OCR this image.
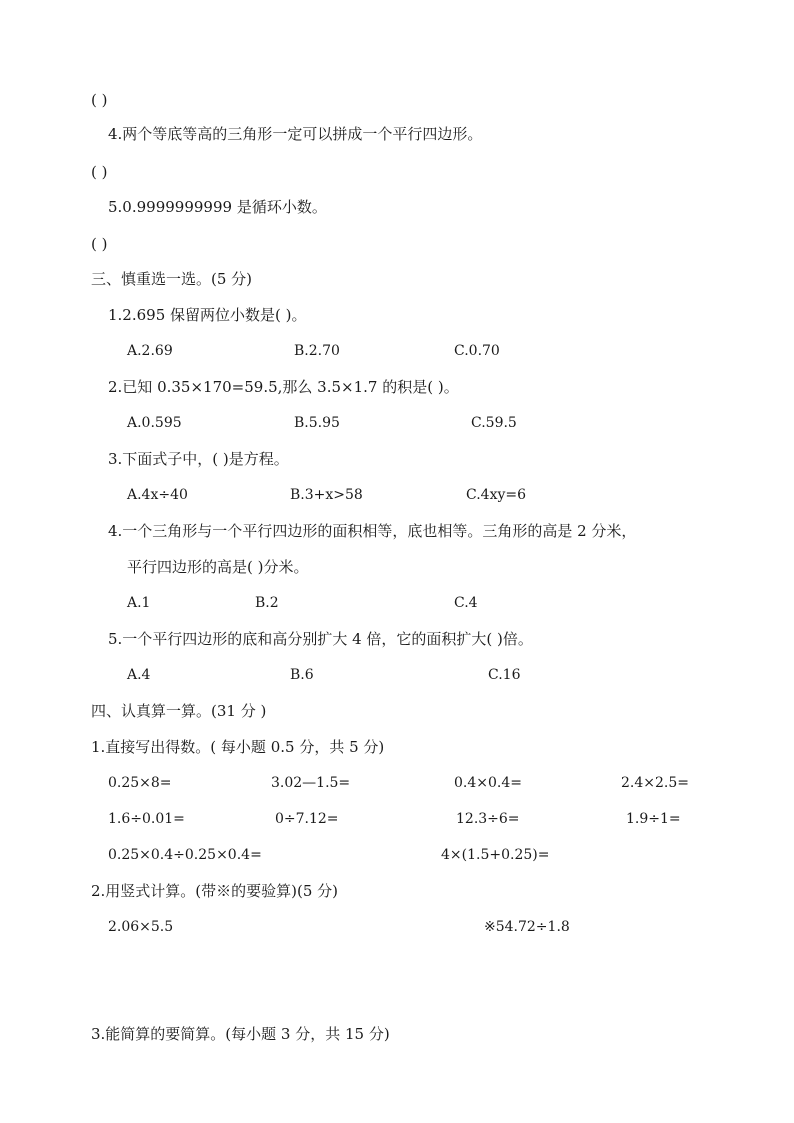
( )
4.两个等底等高的三角形一定可以拼成一个平行四边形。
( )
5.0.9999999999 是循环小数。
( )
三、慎重选一选。(5 分)
1.2.695 保留两位小数是( )。
A.2.69	B.2.70	C.0.70
2.已知 0.35×170=59.5,那么 3.5×1.7 的积是( )。
A.0.595	B.5.95	C.59.5
3.下面式子中，( )是方程。
A.4x÷40	B.3+x>58	C.4xy=6
4.一个三角形与一个平行四边形的面积相等，底也相等。三角形的高是 2 分米，
平行四边形的高是( )分米。
A.1	B.2	C.4
5.一个平行四边形的底和高分别扩大 4 倍，它的面积扩大( )倍。
A.4	B.6	C.16
四、认真算一算。(31 分 )
1.直接写出得数。( 每小题 0.5 分，共 5 分)
0.25×8=	3.02—1.5=	0.4×0.4=	2.4×2.5=
1.6÷0.01=	0÷7.12=	12.3÷6=	1.9÷1=
0.25×0.4÷0.25×0.4=	4×(1.5+0.25)=
2.用竖式计算。(带※的要验算)(5 分)
2.06×5.5	※54.72÷1.8
3.能简算的要简算。(每小题 3 分，共 15 分)
